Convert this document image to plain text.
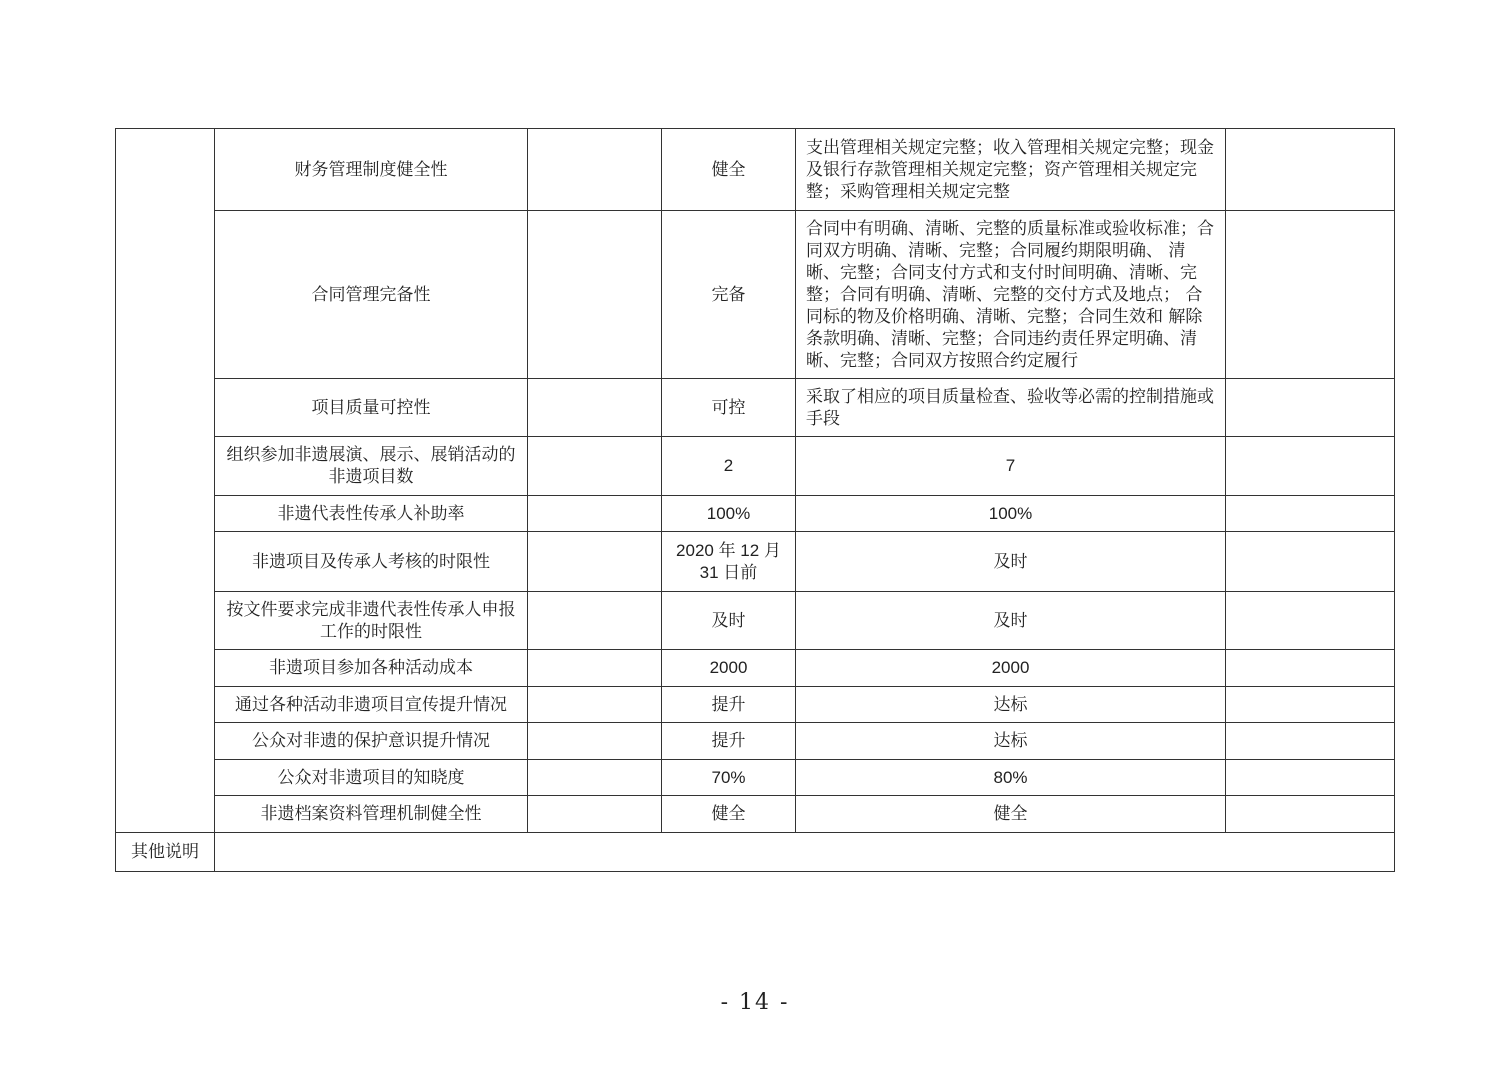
	财务管理制度健全性		健全	支出管理相关规定完整；收入管理相关规定完整；现金及银行存款管理相关规定完整；资产管理相关规定完整；采购管理相关规定完整	
	合同管理完备性		完备	合同中有明确、清晰、完整的质量标准或验收标准；合同双方明确、清晰、完整；合同履约期限明确、 清晰、完整；合同支付方式和支付时间明确、清晰、完整；合同有明确、清晰、完整的交付方式及地点； 合同标的物及价格明确、清晰、完整；合同生效和 解除条款明确、清晰、完整；合同违约责任界定明确、清晰、完整；合同双方按照合约定履行	
	项目质量可控性		可控	采取了相应的项目质量检查、验收等必需的控制措施或手段	
	组织参加非遗展演、展示、展销活动的非遗项目数		2	7	
	非遗代表性传承人补助率		100%	100%	
	非遗项目及传承人考核的时限性		2020 年 12 月 31 日前	及时	
	按文件要求完成非遗代表性传承人申报工作的时限性		及时	及时	
	非遗项目参加各种活动成本		2000	2000	
	通过各种活动非遗项目宣传提升情况		提升	达标	
	公众对非遗的保护意识提升情况		提升	达标	
	公众对非遗项目的知晓度		70%	80%	
	非遗档案资料管理机制健全性		健全	健全	
其他说明					
- 14 -
